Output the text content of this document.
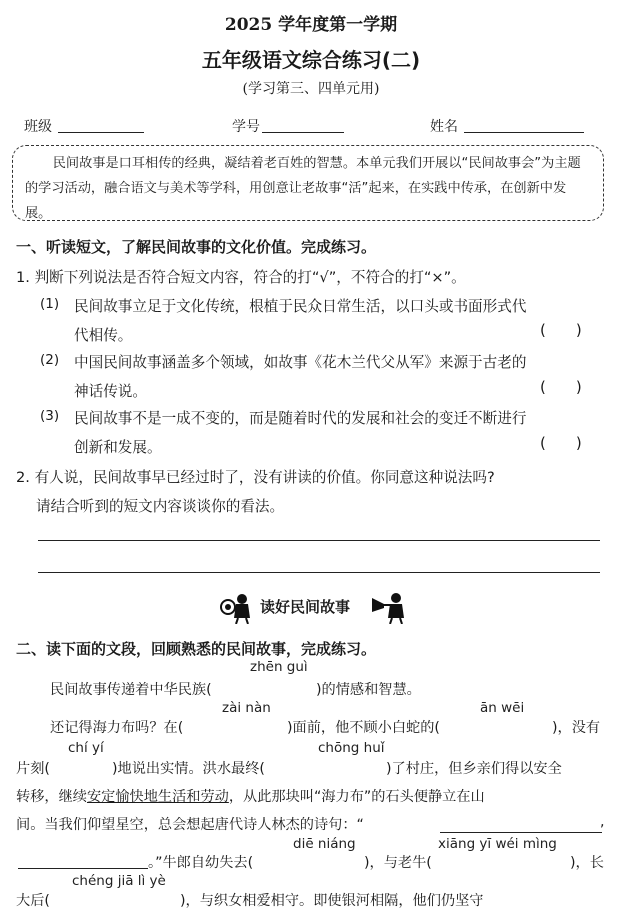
2025 学年度第一学期
五年级语文综合练习(二)
(学习第三、四单元用)
班级	学号	姓名
民间故事是口耳相传的经典，凝结着老百姓的智慧。本单元我们开展以“民间故事会”为主题的学习活动，融合语文与美术等学科，用创意让老故事“活”起来，在实践中传承，在创新中发展。
一、听读短文，了解民间故事的文化价值。完成练习。
1. 判断下列说法是否符合短文内容，符合的打“√”，不符合的打“×”。
(1) 民间故事立足于文化传统，根植于民众日常生活，以口头或书面形式代
代相传。	(　　)
(2) 中国民间故事涵盖多个领域，如故事《花木兰代父从军》来源于古老的
神话传说。	(　　)
(3) 民间故事不是一成不变的，而是随着时代的发展和社会的变迁不断进行
创新和发展。	(　　)
2. 有人说，民间故事早已经过时了，没有讲读的价值。你同意这种说法吗?
请结合听到的短文内容谈谈你的看法。
读好民间故事
二、读下面的文段，回顾熟悉的民间故事，完成练习。
zhēn guì
民间故事传递着中华民族(	)的情感和智慧。
zài nàn	ān wēi
还记得海力布吗？在(	)面前，他不顾小白蛇的(	)，没有
chí yí	chōng huǐ
片刻(	)地说出实情。洪水最终(	)了村庄，但乡亲们得以安全
转移，继续安定愉快地生活和劳动，从此那块叫“海力布”的石头便静立在山
间。当我们仰望星空，总会想起唐代诗人林杰的诗句：“	,
diē niáng	xiāng yī wéi mìng
。”牛郎自幼失去(	)，与老牛(	)，长
chéng jiā lì yè
大后(	)，与织女相爱相守。即使银河相隔，他们仍坚守
